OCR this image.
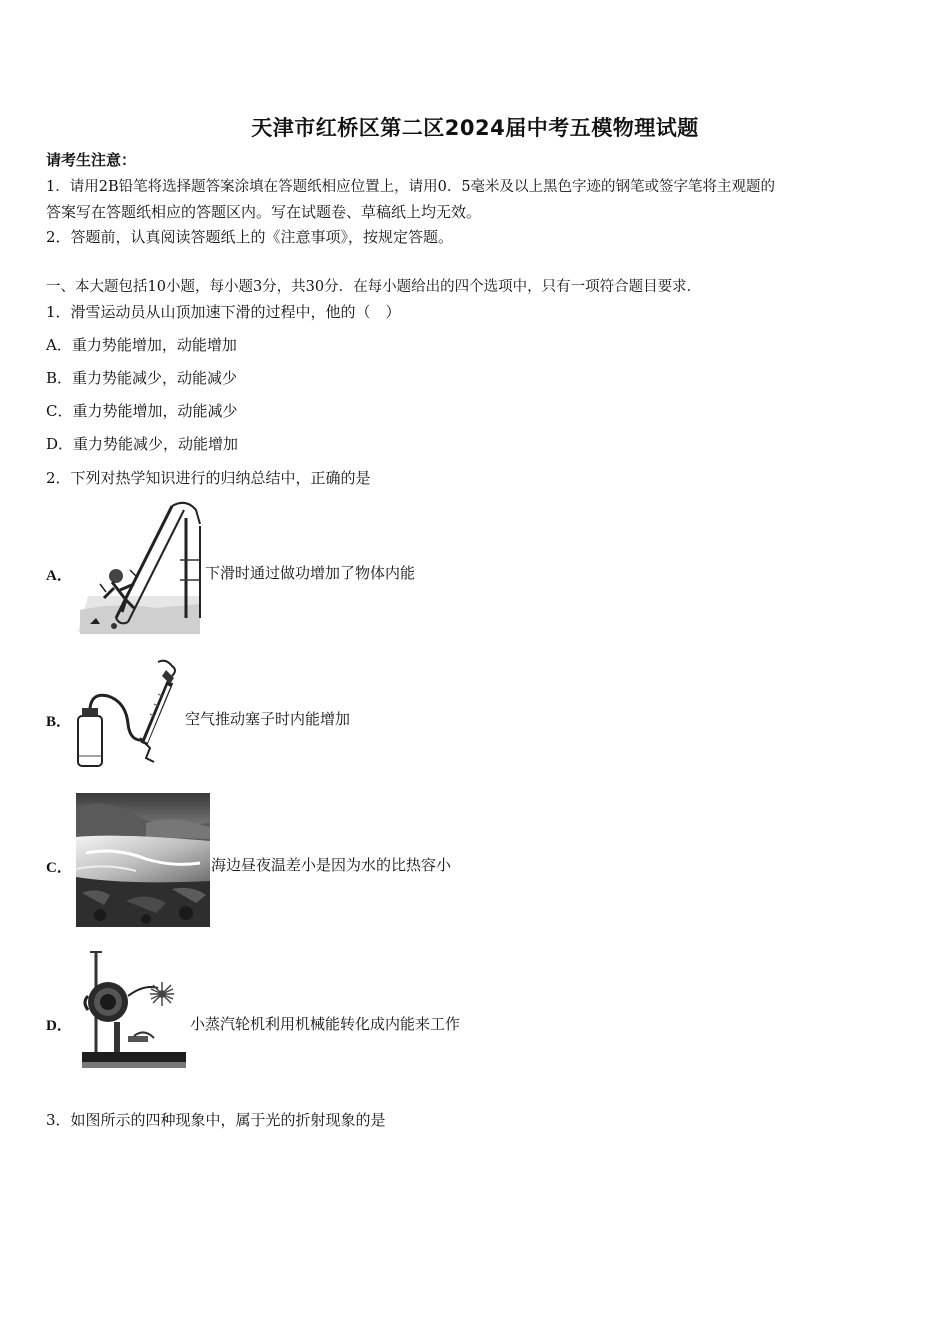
天津市红桥区第二区2024届中考五模物理试题
请考生注意：
1．请用2B铅笔将选择题答案涂填在答题纸相应位置上，请用0．5毫米及以上黑色字迹的钢笔或签字笔将主观题的
答案写在答题纸相应的答题区内。写在试题卷、草稿纸上均无效。
2．答题前，认真阅读答题纸上的《注意事项》，按规定答题。
一、本大题包括10小题，每小题3分，共30分．在每小题给出的四个选项中，只有一项符合题目要求．
1．滑雪运动员从山顶加速下滑的过程中，他的（　）
A．重力势能增加，动能增加
B．重力势能减少，动能减少
C．重力势能增加，动能减少
D．重力势能减少，动能增加
2．下列对热学知识进行的归纳总结中，正确的是
A．	下滑时通过做功增加了物体内能
B．	空气推动塞子时内能增加
C．	海边昼夜温差小是因为水的比热容小
D．	小蒸汽轮机利用机械能转化成内能来工作
3．如图所示的四种现象中，属于光的折射现象的是
